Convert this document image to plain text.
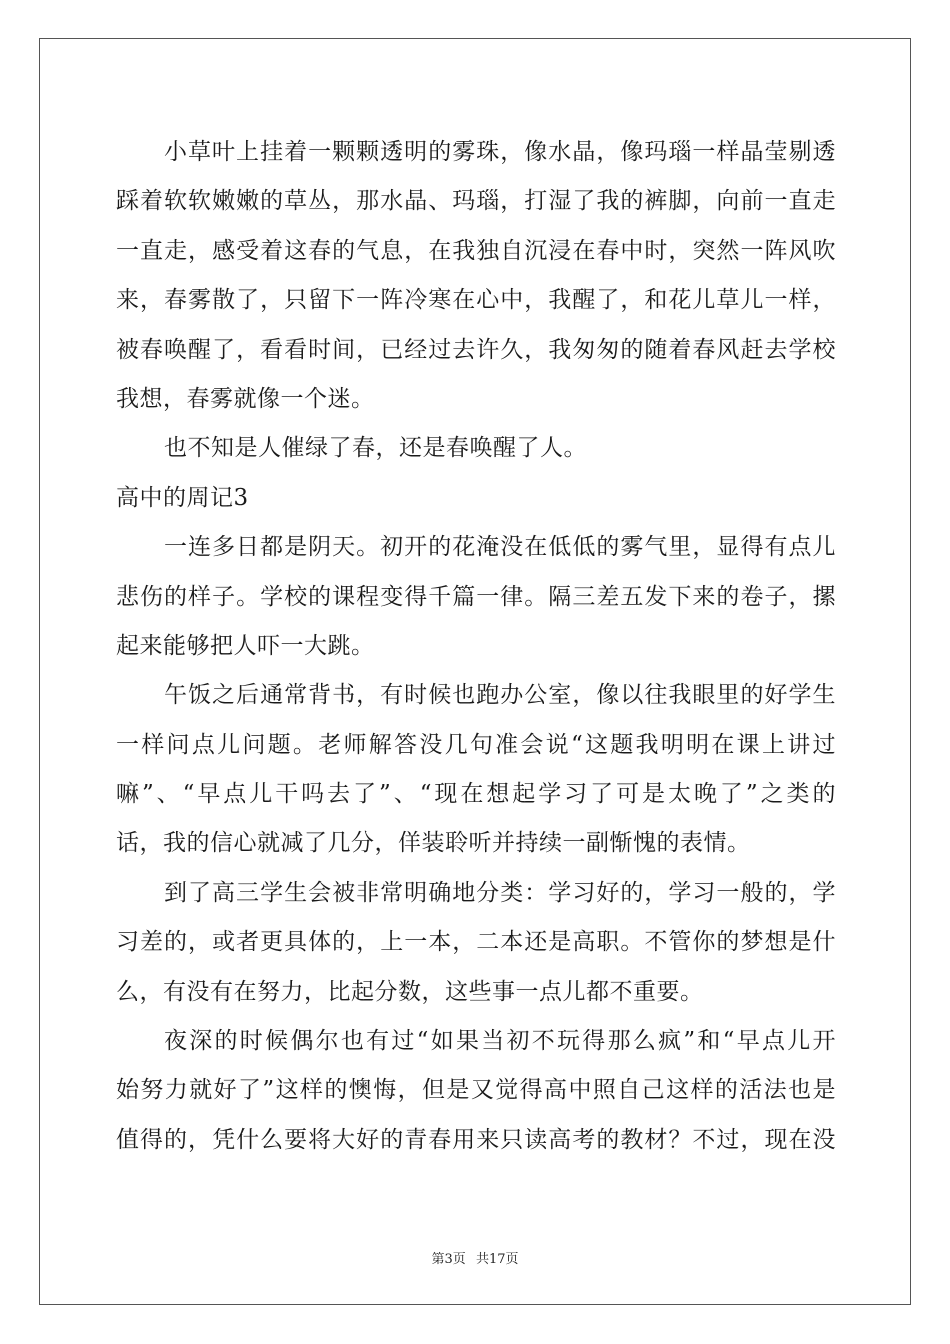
小草叶上挂着一颗颗透明的雾珠，像水晶，像玛瑙一样晶莹剔透
踩着软软嫩嫩的草丛，那水晶、玛瑙，打湿了我的裤脚，向前一直走
一直走，感受着这春的气息，在我独自沉浸在春中时，突然一阵风吹
来，春雾散了，只留下一阵冷寒在心中，我醒了，和花儿草儿一样，
被春唤醒了，看看时间，已经过去许久，我匆匆的随着春风赶去学校
我想，春雾就像一个迷。
也不知是人催绿了春，还是春唤醒了人。
高中的周记3
一连多日都是阴天。初开的花淹没在低低的雾气里，显得有点儿
悲伤的样子。学校的课程变得千篇一律。隔三差五发下来的卷子，摞
起来能够把人吓一大跳。
午饭之后通常背书，有时候也跑办公室，像以往我眼里的好学生
一样问点儿问题。老师解答没几句准会说“这题我明明在课上讲过
嘛”、“早点儿干吗去了”、“现在想起学习了可是太晚了”之类的
话，我的信心就减了几分，佯装聆听并持续一副惭愧的表情。
到了高三学生会被非常明确地分类：学习好的，学习一般的，学
习差的，或者更具体的，上一本，二本还是高职。不管你的梦想是什
么，有没有在努力，比起分数，这些事一点儿都不重要。
夜深的时候偶尔也有过“如果当初不玩得那么疯”和“早点儿开
始努力就好了”这样的懊悔，但是又觉得高中照自己这样的活法也是
值得的，凭什么要将大好的青春用来只读高考的教材？不过，现在没
第3页 共17页
